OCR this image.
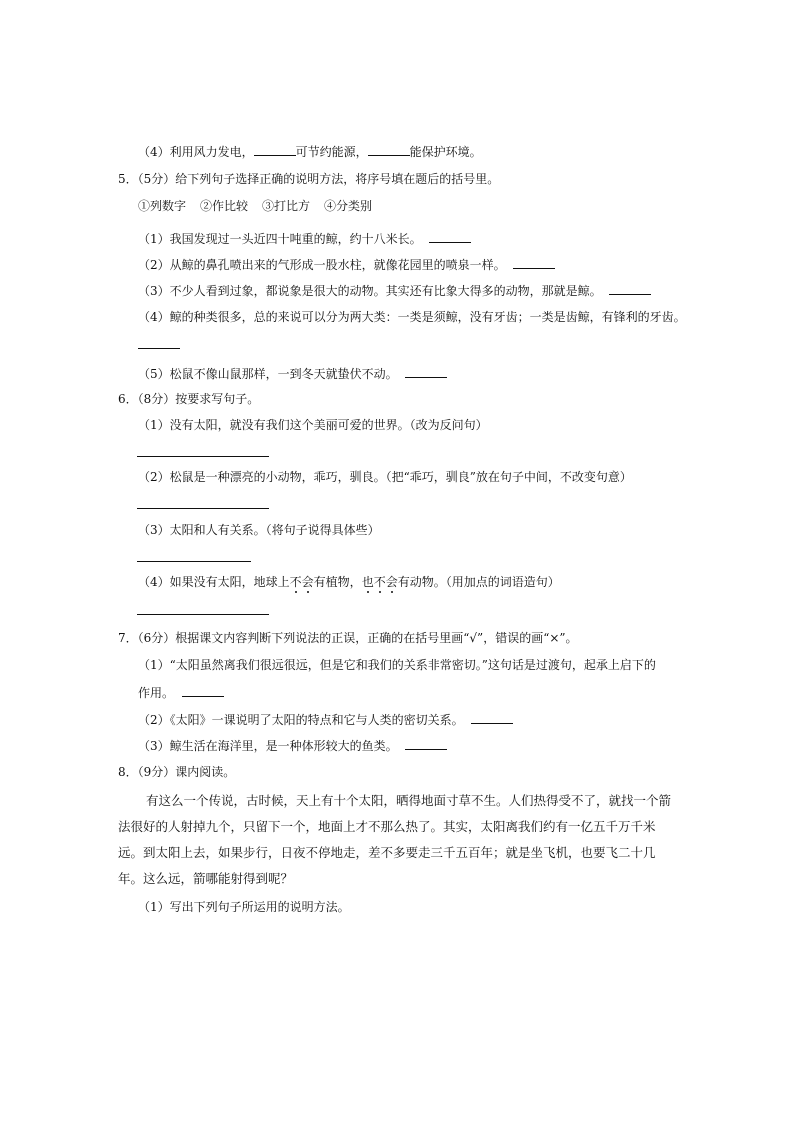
（4）利用风力发电，	可节约能源，	能保护环境。
5．（5分）给下列句子选择正确的说明方法，将序号填在题后的括号里。
①列数字 ②作比较 ③打比方 ④分类别
（1）我国发现过一头近四十吨重的鲸，约十八米长。
（2）从鲸的鼻孔喷出来的气形成一股水柱，就像花园里的喷泉一样。
（3）不少人看到过象，都说象是很大的动物。其实还有比象大得多的动物，那就是鲸。
（4）鲸的种类很多，总的来说可以分为两大类：一类是须鲸，没有牙齿；一类是齿鲸，有锋利的牙齿。
（5）松鼠不像山鼠那样，一到冬天就蛰伏不动。
6．（8分）按要求写句子。
（1）没有太阳，就没有我们这个美丽可爱的世界。（改为反问句）
（2）松鼠是一种漂亮的小动物，乖巧，驯良。（把“乖巧，驯良”放在句子中间，不改变句意）
（3）太阳和人有关系。（将句子说得具体些）
（4）如果没有太阳，地球上不会有植物，也不会有动物。（用加点的词语造句）
7．（6分）根据课文内容判断下列说法的正误，正确的在括号里画“√”，错误的画“×”。
（1）“太阳虽然离我们很远很远，但是它和我们的关系非常密切。”这句话是过渡句，起承上启下的
作用。
（2）《太阳》一课说明了太阳的特点和它与人类的密切关系。
（3）鲸生活在海洋里，是一种体形较大的鱼类。
8．（9分）课内阅读。
有这么一个传说，古时候，天上有十个太阳，晒得地面寸草不生。人们热得受不了，就找一个箭法很好的人射掉九个，只留下一个，地面上才不那么热了。其实，太阳离我们约有一亿五千万千米远。到太阳上去，如果步行，日夜不停地走，差不多要走三千五百年；就是坐飞机，也要飞二十几年。这么远，箭哪能射得到呢？
（1）写出下列句子所运用的说明方法。
